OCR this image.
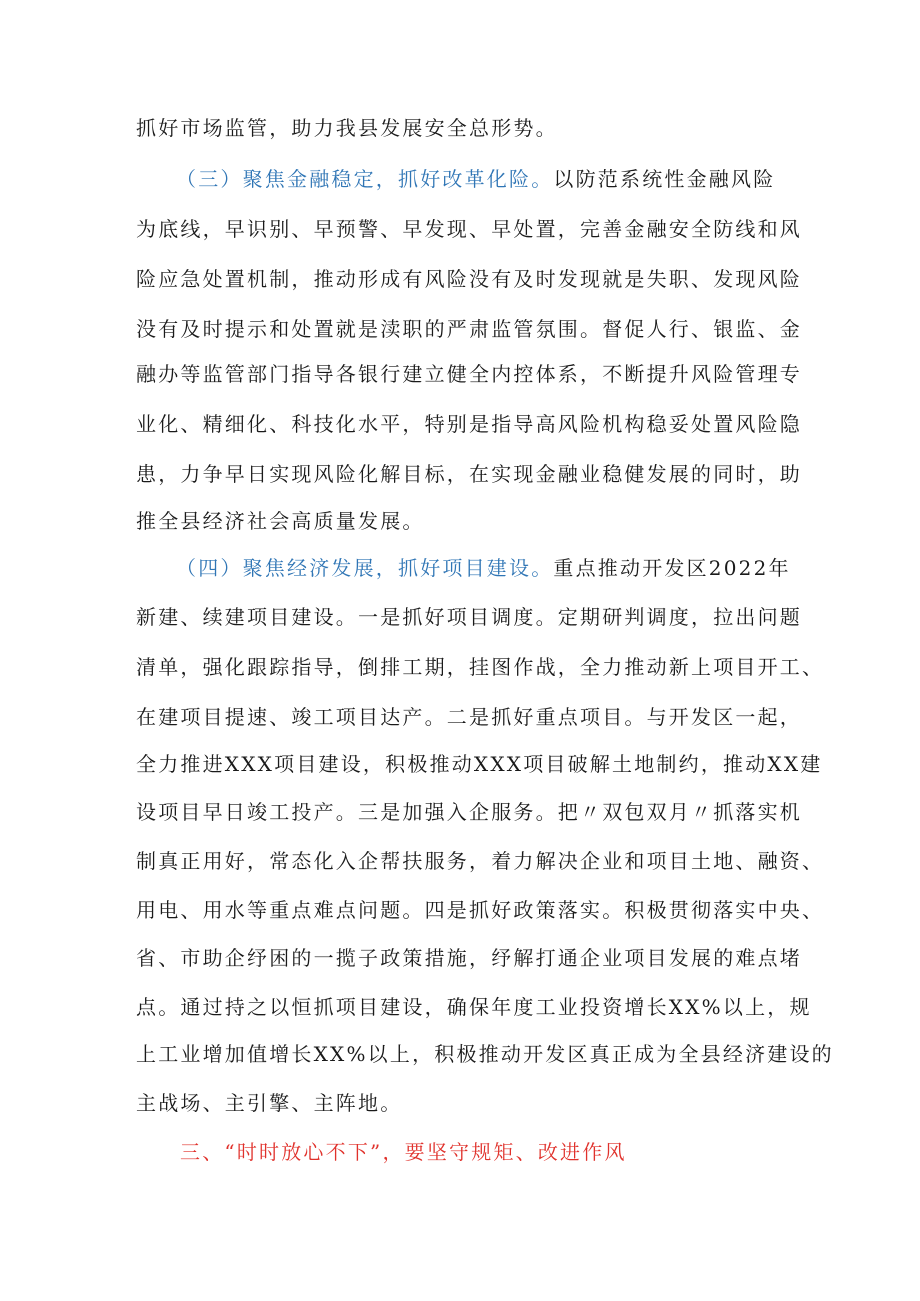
抓好市场监管，助力我县发展安全总形势。
（三）聚焦金融稳定，抓好改革化险。以防范系统性金融风险
为底线，早识别、早预警、早发现、早处置，完善金融安全防线和风
险应急处置机制，推动形成有风险没有及时发现就是失职、发现风险
没有及时提示和处置就是渎职的严肃监管氛围。督促人行、银监、金
融办等监管部门指导各银行建立健全内控体系，不断提升风险管理专
业化、精细化、科技化水平，特别是指导高风险机构稳妥处置风险隐
患，力争早日实现风险化解目标，在实现金融业稳健发展的同时，助
推全县经济社会高质量发展。
（四）聚焦经济发展，抓好项目建设。重点推动开发区2022年
新建、续建项目建设。一是抓好项目调度。定期研判调度，拉出问题
清单，强化跟踪指导，倒排工期，挂图作战，全力推动新上项目开工、
在建项目提速、竣工项目达产。二是抓好重点项目。与开发区一起，
全力推进XXX项目建设，积极推动XXX项目破解土地制约，推动XX建
设项目早日竣工投产。三是加强入企服务。把〃双包双月〃抓落实机
制真正用好，常态化入企帮扶服务，着力解决企业和项目土地、融资、
用电、用水等重点难点问题。四是抓好政策落实。积极贯彻落实中央、
省、市助企纾困的一揽子政策措施，纾解打通企业项目发展的难点堵
点。通过持之以恒抓项目建设，确保年度工业投资增长XX%以上，规
上工业增加值增长XX%以上，积极推动开发区真正成为全县经济建设的
主战场、主引擎、主阵地。
三、“时时放心不下”，要坚守规矩、改进作风
